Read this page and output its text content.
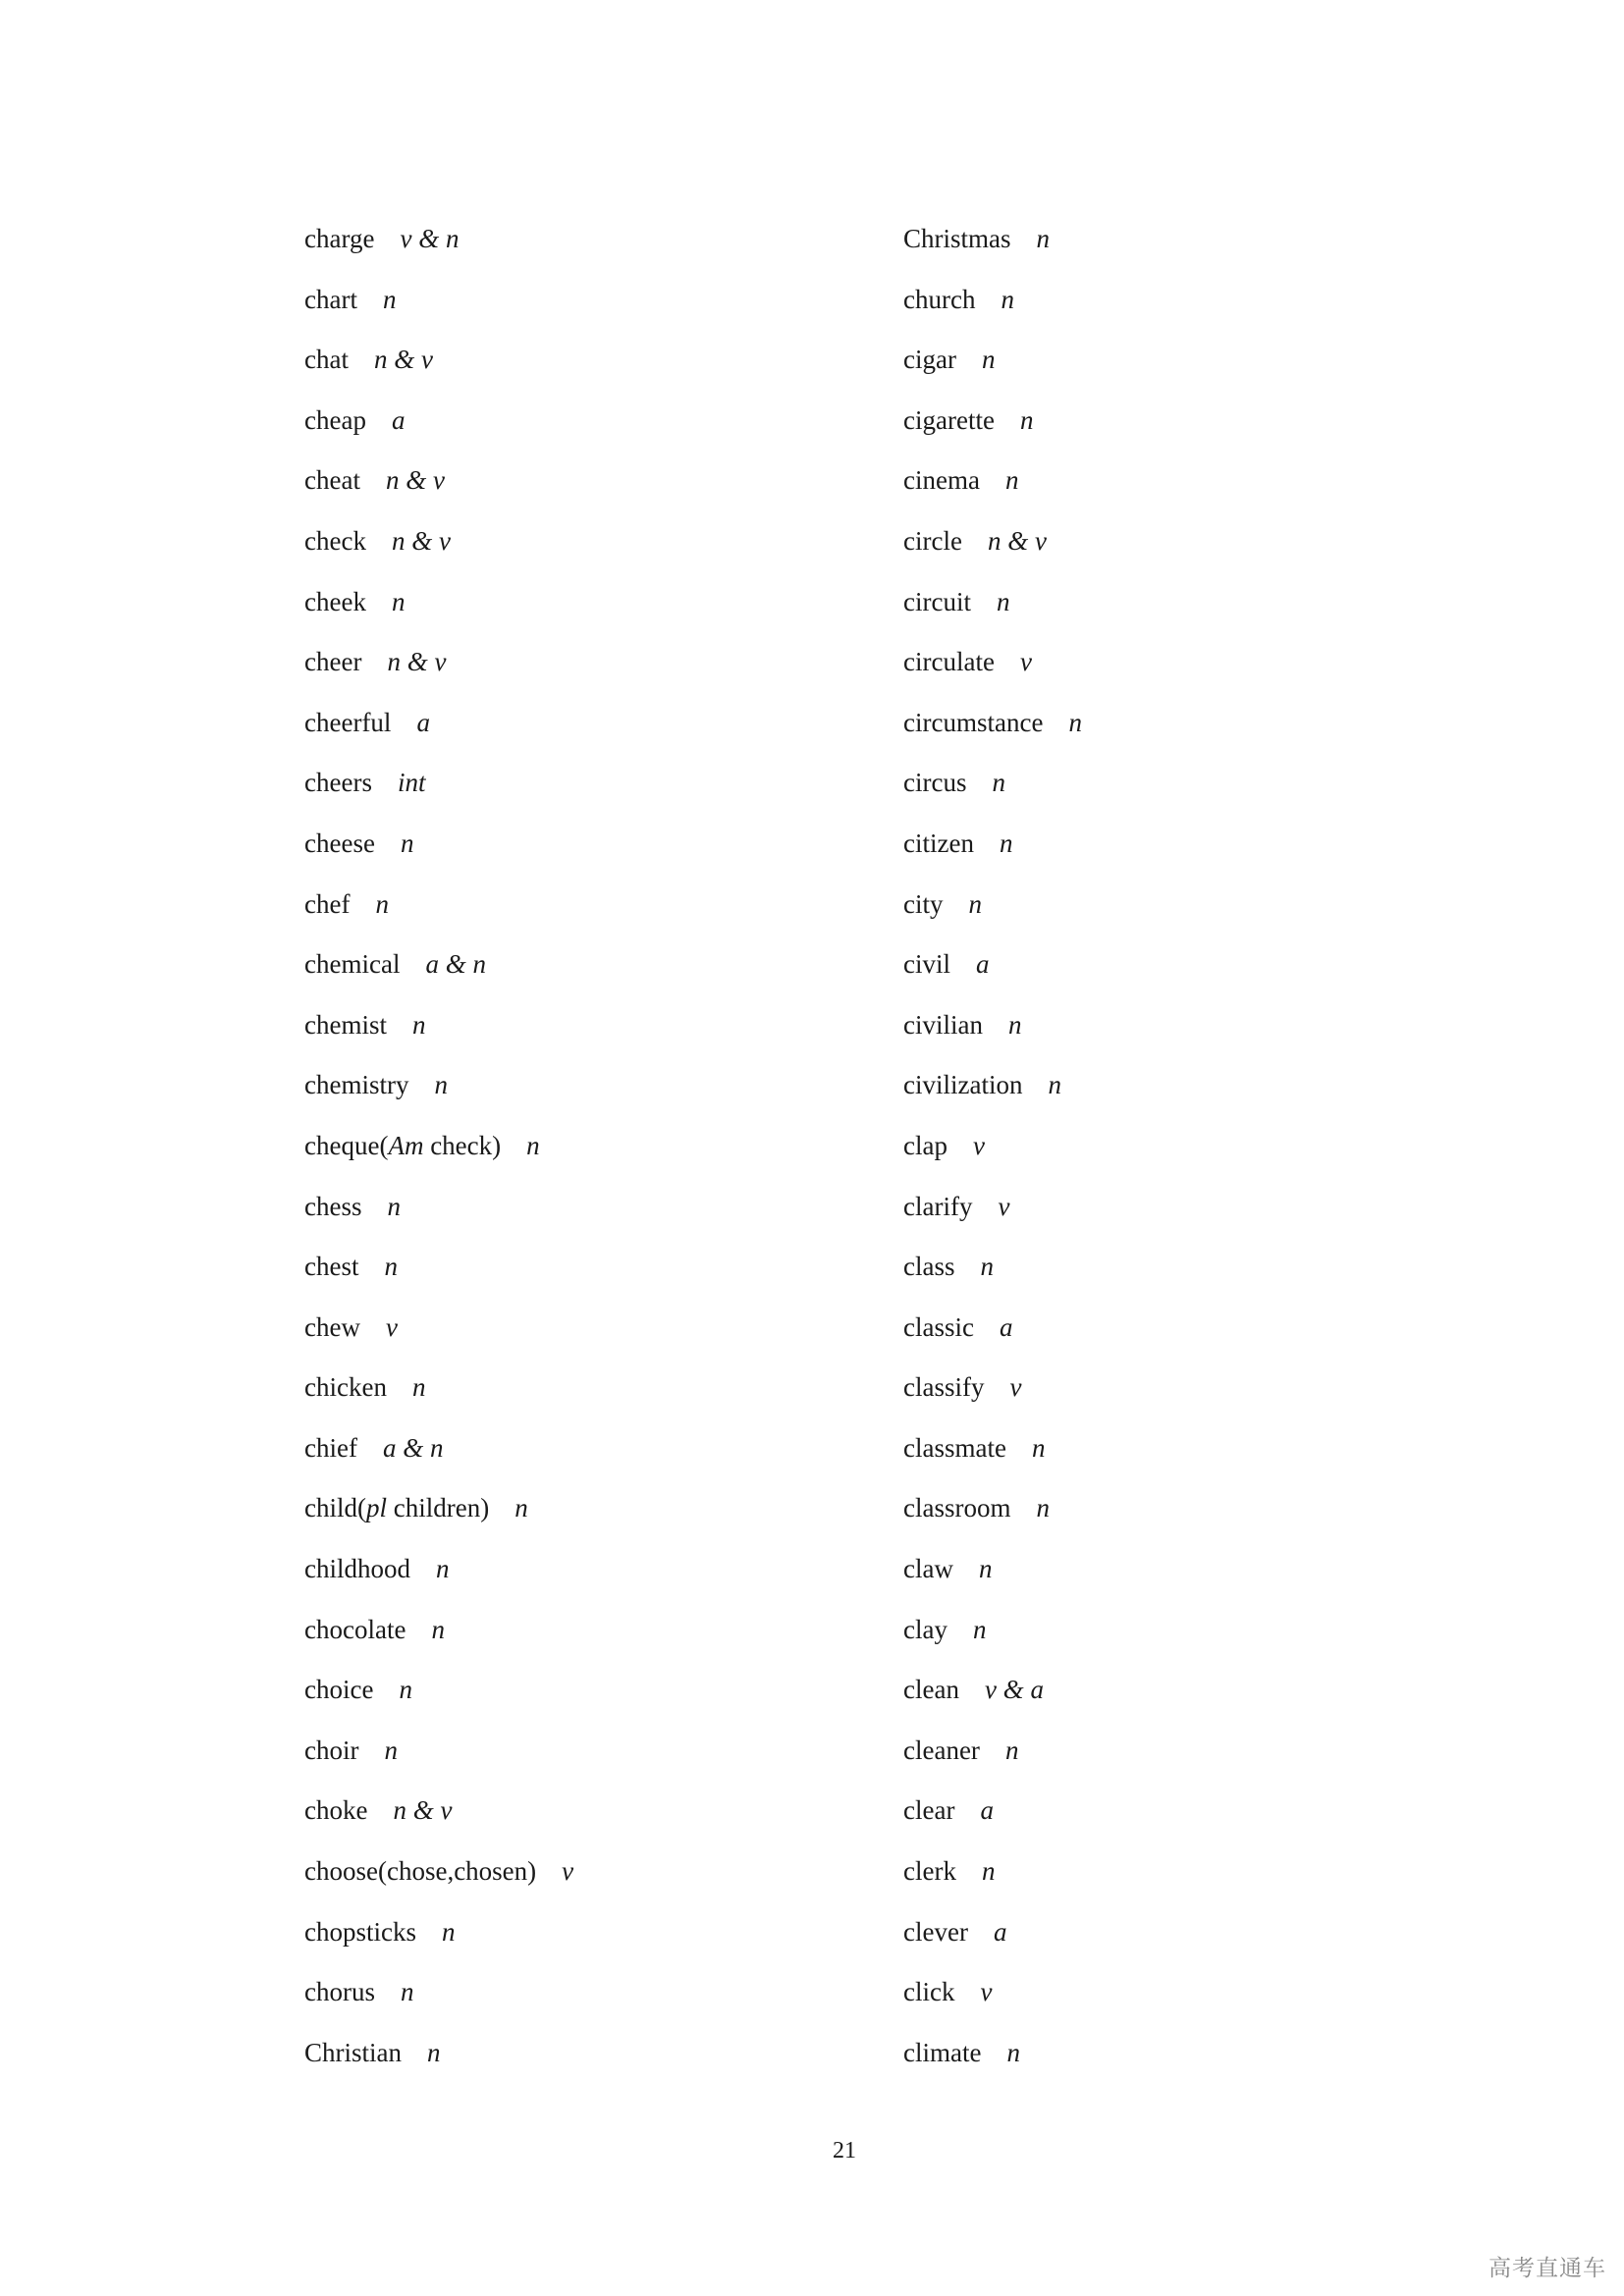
charge v & n
chart n
chat n & v
cheap a
cheat n & v
check n & v
cheek n
cheer n & v
cheerful a
cheers int
cheese n
chef n
chemical a & n
chemist n
chemistry n
cheque(Am check) n
chess n
chest n
chew v
chicken n
chief a & n
child(pl children) n
childhood n
chocolate n
choice n
choir n
choke n & v
choose(chose,chosen) v
chopsticks n
chorus n
Christian n
Christmas n
church n
cigar n
cigarette n
cinema n
circle n & v
circuit n
circulate v
circumstance n
circus n
citizen n
city n
civil a
civilian n
civilization n
clap v
clarify v
class n
classic a
classify v
classmate n
classroom n
claw n
clay n
clean v & a
cleaner n
clear a
clerk n
clever a
click v
climate n
21
高考直通车
